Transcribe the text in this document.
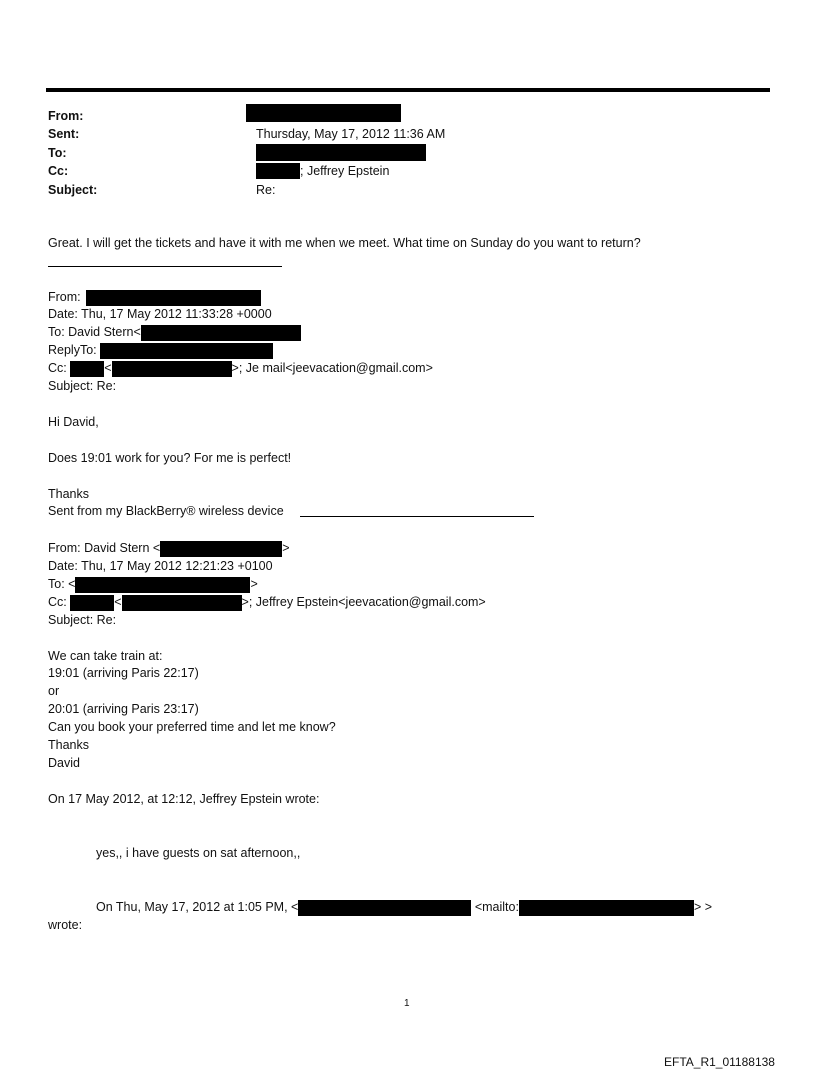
From:
Sent:	Thursday, May 17, 2012 11:36 AM
To:
Cc:	; Jeffrey Epstein
Subject:	Re:
Great. I will get the tickets and have it with me when we meet. What time on Sunday do you want to return?
From:
Date: Thu, 17 May 2012 11:33:28 +0000
To: David Stern<
ReplyTo:
Cc:	<	>; Je mail<jeevacation@gmail.com>
Subject: Re:
Hi David,
Does 19:01 work for you? For me is perfect!
Thanks
Sent from my BlackBerry® wireless device
From: David Stern <	>
Date: Thu, 17 May 2012 12:21:23 +0100
To: <	>
Cc:	<	>; Jeffrey Epstein<jeevacation@gmail.com>
Subject: Re:
We can take train at:
19:01 (arriving Paris 22:17)
or
20:01 (arriving Paris 23:17)
Can you book your preferred time and let me know?
Thanks
David
On 17 May 2012, at 12:12, Jeffrey Epstein wrote:
yes,, i have guests on sat afternoon,,
On Thu, May 17, 2012 at 1:05 PM, <	<mailto:	> >
wrote:
1
EFTA_R1_01188138
